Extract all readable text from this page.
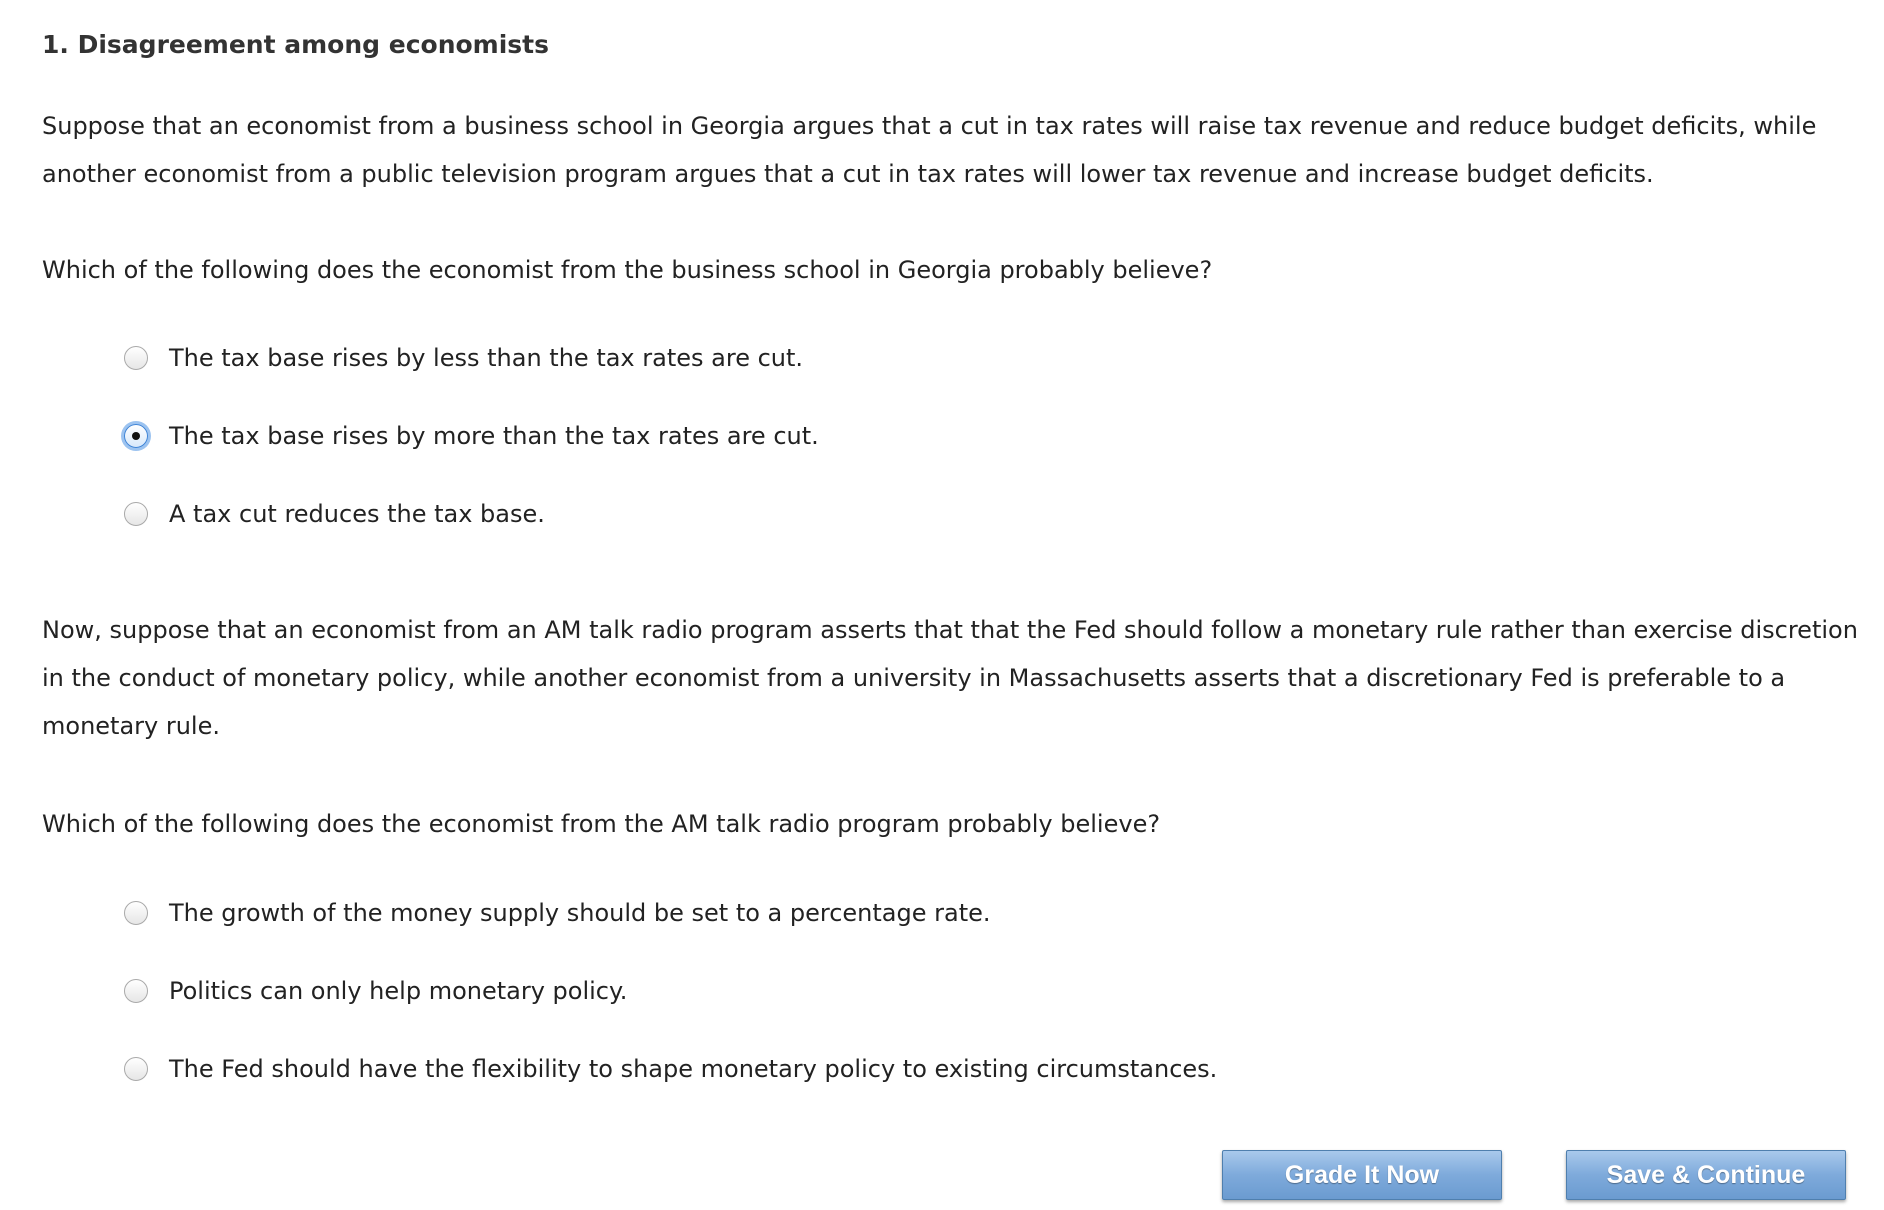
1. Disagreement among economists
Suppose that an economist from a business school in Georgia argues that a cut in tax rates will raise tax revenue and reduce budget deficits, while another economist from a public television program argues that a cut in tax rates will lower tax revenue and increase budget deficits.
Which of the following does the economist from the business school in Georgia probably believe?
The tax base rises by less than the tax rates are cut.
The tax base rises by more than the tax rates are cut.
A tax cut reduces the tax base.
Now, suppose that an economist from an AM talk radio program asserts that that the Fed should follow a monetary rule rather than exercise discretion in the conduct of monetary policy, while another economist from a university in Massachusetts asserts that a discretionary Fed is preferable to a monetary rule.
Which of the following does the economist from the AM talk radio program probably believe?
The growth of the money supply should be set to a percentage rate.
Politics can only help monetary policy.
The Fed should have the flexibility to shape monetary policy to existing circumstances.
Grade It Now	Save & Continue
